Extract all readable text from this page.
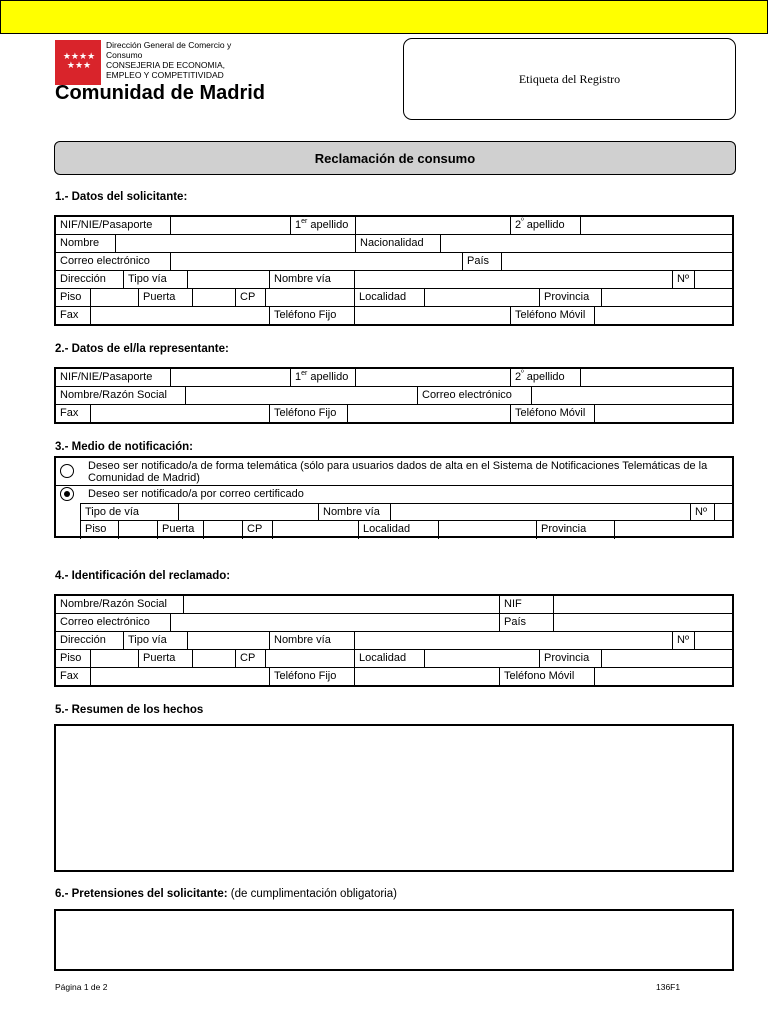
★★★★
★★★
Dirección General de Comercio y
Consumo
CONSEJERIA DE ECONOMIA,
EMPLEO Y COMPETITIVIDAD
Comunidad de Madrid
Etiqueta del Registro
Reclamación de consumo
1.- Datos del solicitante:
NIF/NIE/Pasaporte	1er apellido	$2^º$ apellido
Nombre	Nacionalidad
Correo electrónico	País
Dirección	Tipo vía	Nombre vía	Nº
Piso	Puerta	CP	Localidad	Provincia
Fax	Teléfono Fijo	Teléfono Móvil
2.- Datos de el/la representante:
NIF/NIE/Pasaporte	1er apellido	$2^º$ apellido
Nombre/Razón Social	Correo electrónico
Fax	Teléfono Fijo	Teléfono Móvil
3.- Medio de notificación:
Deseo ser notificado/a de forma telemática (sólo para usuarios dados de alta en el Sistema de Notificaciones Telemáticas de la Comunidad de Madrid)
Deseo ser notificado/a por correo certificado
Tipo de vía	Nombre vía	Nº
Piso	Puerta	CP	Localidad	Provincia
4.- Identificación del reclamado:
Nombre/Razón Social	NIF
Correo electrónico	País
Dirección	Tipo vía	Nombre vía	Nº
Piso	Puerta	CP	Localidad	Provincia
Fax	Teléfono Fijo	Teléfono Móvil
5.- Resumen de los hechos
6.- Pretensiones del solicitante: (de cumplimentación obligatoria)
Página 1 de 2	136F1
